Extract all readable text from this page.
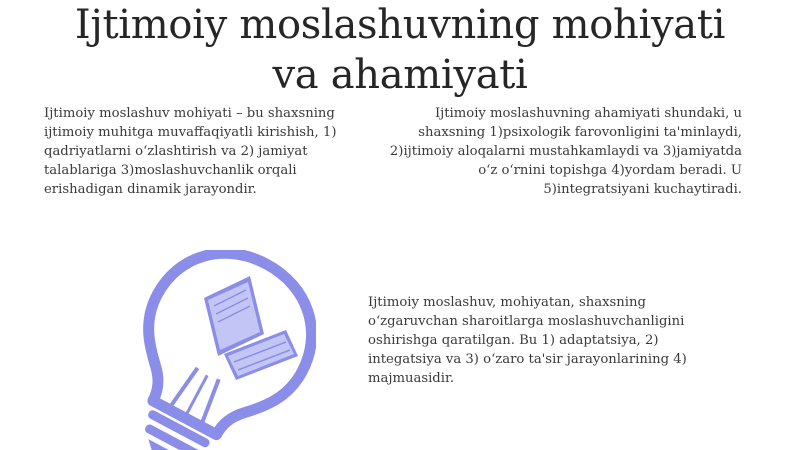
Ijtimoiy moslashuvning mohiyati
va ahamiyati

Ijtimoiy moslashuv mohiyati – bu shaxsning ijtimoiy muhitga muvaffaqiyatli kirishish, 1) qadriyatlarni o‘zlashtirish va 2) jamiyat talablariga 3)moslashuvchanlik orqali erishadigan dinamik jarayondir.

Ijtimoiy moslashuvning ahamiyati shundaki, u shaxsning 1)psixologik farovonligini ta'minlaydi, 2)ijtimoiy aloqalarni mustahkamlaydi va 3)jamiyatda o‘z o‘rnini topishga 4)yordam beradi. U 5)integratsiyani kuchaytiradi.

Ijtimoiy moslashuv, mohiyatan, shaxsning o‘zgaruvchan sharoitlarga moslashuvchanligini oshirishga qaratilgan. Bu 1) adaptatsiya, 2) integatsiya va 3) o‘zaro ta'sir jarayonlarining 4) majmuasidir.
